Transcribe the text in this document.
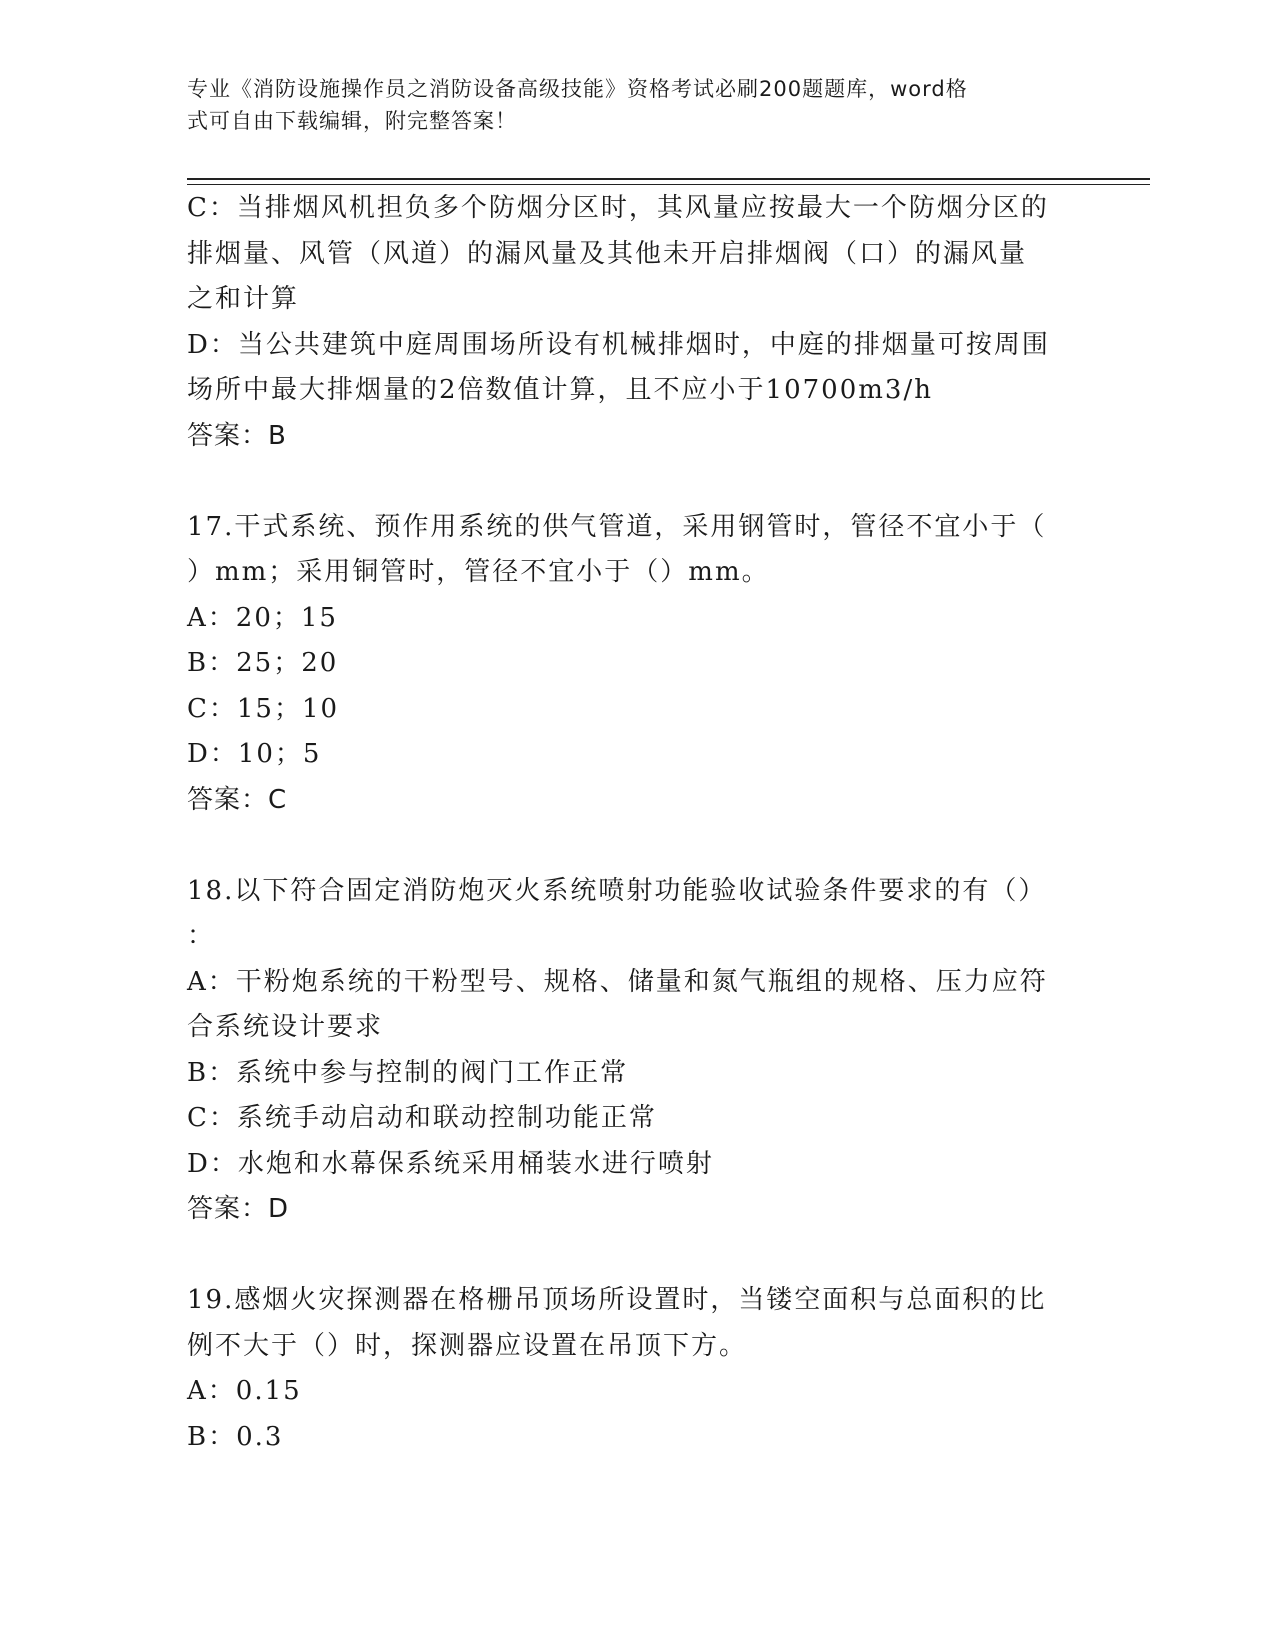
专业《消防设施操作员之消防设备高级技能》资格考试必刷200题题库，word格
式可自由下载编辑，附完整答案！
C：当排烟风机担负多个防烟分区时，其风量应按最大一个防烟分区的
排烟量、风管（风道）的漏风量及其他未开启排烟阀（口）的漏风量
之和计算
D：当公共建筑中庭周围场所设有机械排烟时，中庭的排烟量可按周围
场所中最大排烟量的2倍数值计算，且不应小于10700m3/h
答案：B
17.干式系统、预作用系统的供气管道，采用钢管时，管径不宜小于（
）mm；采用铜管时，管径不宜小于（）mm。
A：20；15
B：25；20
C：15；10
D：10；5
答案：C
18.以下符合固定消防炮灭火系统喷射功能验收试验条件要求的有（）
：
A：干粉炮系统的干粉型号、规格、储量和氮气瓶组的规格、压力应符
合系统设计要求
B：系统中参与控制的阀门工作正常
C：系统手动启动和联动控制功能正常
D：水炮和水幕保系统采用桶装水进行喷射
答案：D
19.感烟火灾探测器在格栅吊顶场所设置时，当镂空面积与总面积的比
例不大于（）时，探测器应设置在吊顶下方。
A：0.15
B：0.3
